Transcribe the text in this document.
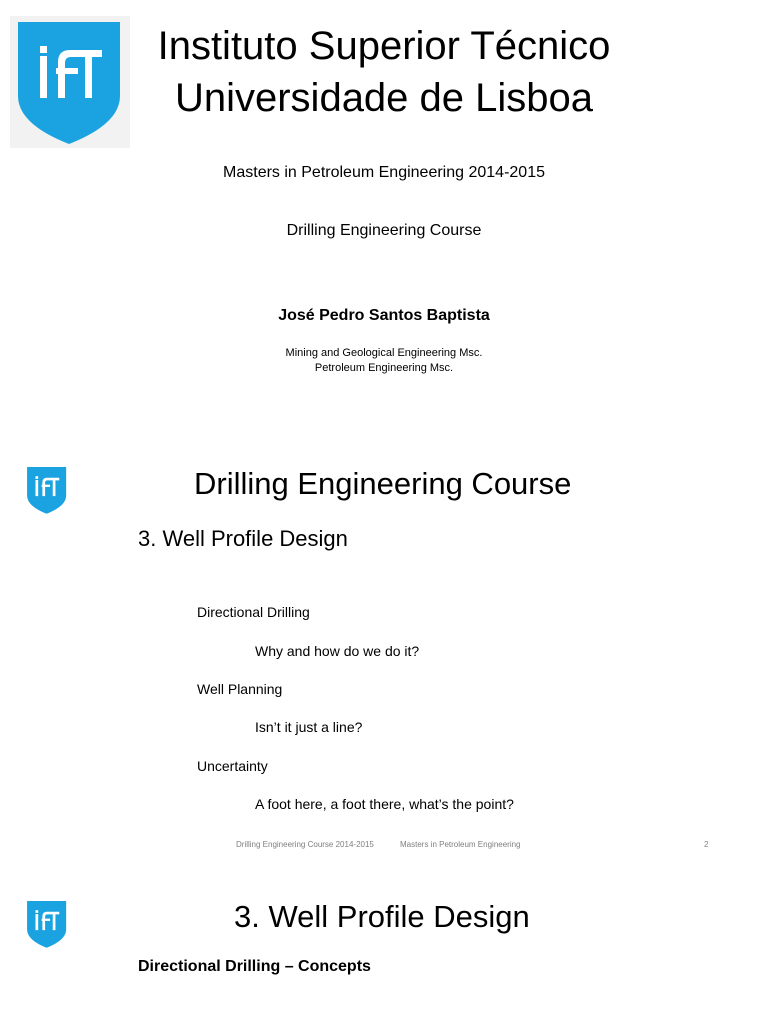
Instituto Superior Técnico
Universidade de Lisboa
Masters in Petroleum Engineering 2014-2015
Drilling Engineering Course
José Pedro Santos Baptista
Mining and Geological Engineering Msc.
Petroleum Engineering Msc.
Drilling Engineering Course
3. Well Profile Design
Directional Drilling
Why and how do we do it?
Well Planning
Isn’t it just a line?
Uncertainty
A foot here, a foot there, what’s the point?
Drilling Engineering Course 2014-2015	Masters in Petroleum Engineering	2
3. Well Profile Design
Directional Drilling – Concepts
